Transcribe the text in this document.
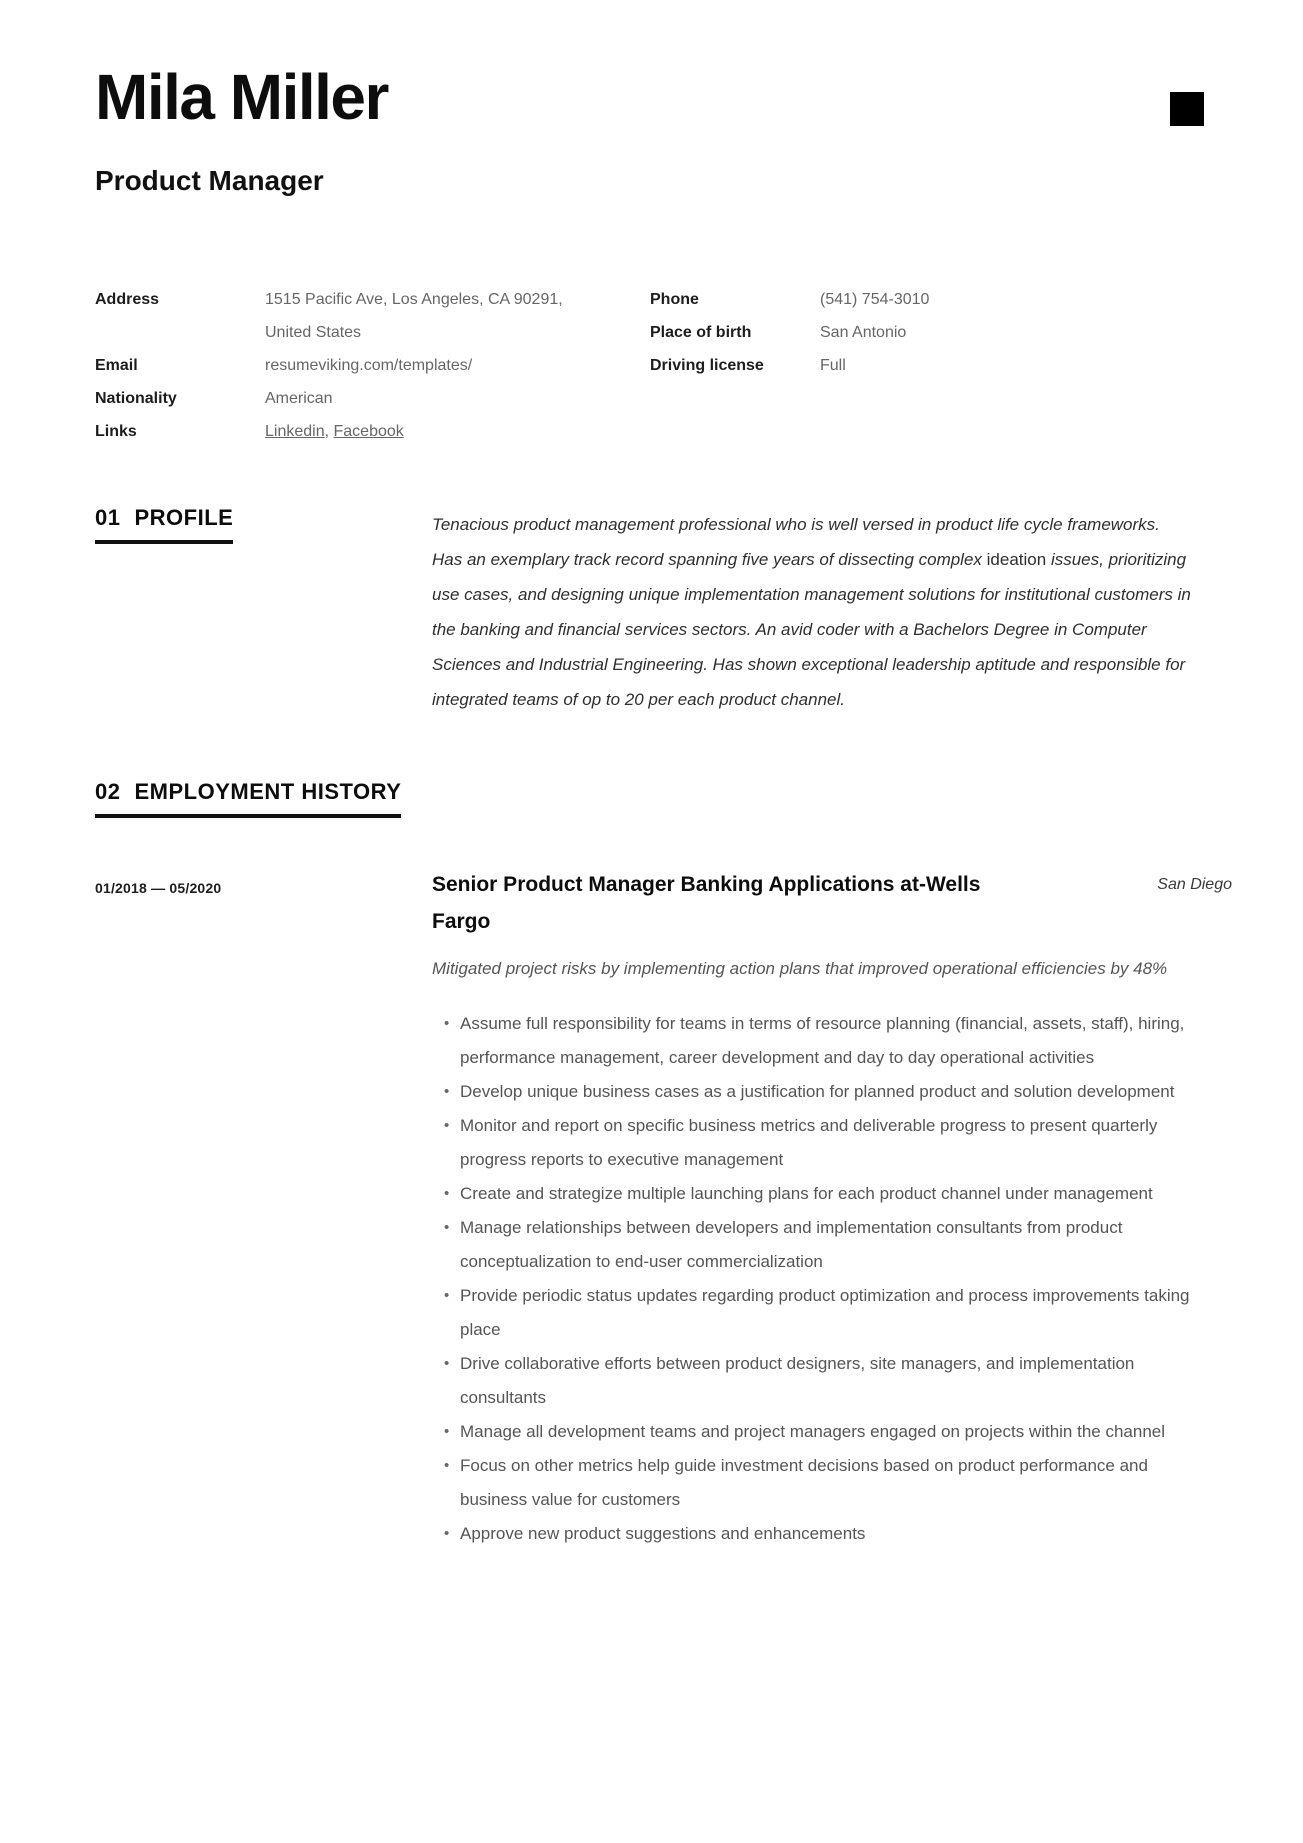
Mila Miller
Product Manager
Address	1515 Pacific Ave, Los Angeles, CA 90291, United States
Email	resumeviking.com/templates/
Nationality	American
Links	Linkedin, Facebook
Phone	(541) 754-3010
Place of birth	San Antonio
Driving license	Full
01 PROFILE	Tenacious product management professional who is well versed in product life cycle frameworks. Has an exemplary track record spanning five years of dissecting complex ideation issues, prioritizing use cases, and designing unique implementation management solutions for institutional customers in the banking and financial services sectors. An avid coder with a Bachelors Degree in Computer Sciences and Industrial Engineering. Has shown exceptional leadership aptitude and responsible for integrated teams of op to 20 per each product channel.

02 EMPLOYMENT HISTORY
01/2018 — 05/2020	Senior Product Manager Banking Applications at-Wells Fargo
San Diego

Mitigated project risks by implementing action plans that improved operational efficiencies by 48%

• Assume full responsibility for teams in terms of resource planning (financial, assets, staff), hiring, performance management, career development and day to day operational activities
• Develop unique business cases as a justification for planned product and solution development
• Monitor and report on specific business metrics and deliverable progress to present quarterly progress reports to executive management
• Create and strategize multiple launching plans for each product channel under management
• Manage relationships between developers and implementation consultants from product conceptualization to end-user commercialization
• Provide periodic status updates regarding product optimization and process improvements taking place
• Drive collaborative efforts between product designers, site managers, and implementation consultants
• Manage all development teams and project managers engaged on projects within the channel
• Focus on other metrics help guide investment decisions based on product performance and business value for customers
• Approve new product suggestions and enhancements
